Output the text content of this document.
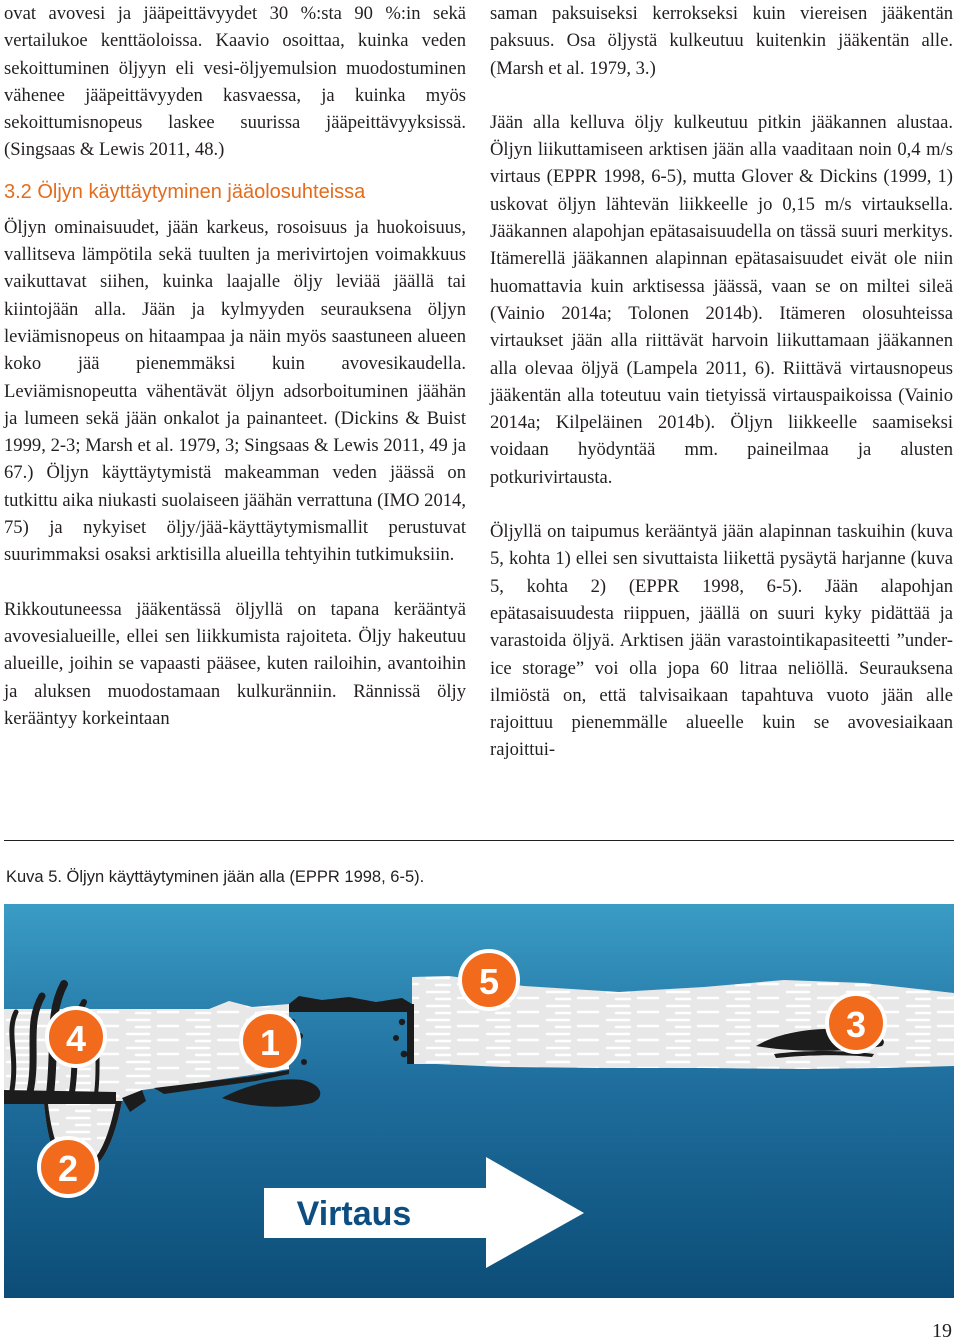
ovat avovesi ja jääpeittävyydet 30 %:sta 90 %:in sekä vertailukoe kenttäoloissa. Kaavio osoittaa, kuinka veden sekoittuminen öljyyn eli vesi-öljyemulsion muodostuminen vähenee jääpeittävyyden kasvaessa, ja kuinka myös sekoittumisnopeus laskee suurissa jääpeittävyyksissä. (Singsaas & Lewis 2011, 48.)

3.2 Öljyn käyttäytyminen jääolosuhteissa

Öljyn ominaisuudet, jään karkeus, rosoisuus ja huokoisuus, vallitseva lämpötila sekä tuulten ja merivirtojen voimakkuus vaikuttavat siihen, kuinka laajalle öljy leviää jäällä tai kiintojään alla. Jään ja kylmyyden seurauksena öljyn leviämisnopeus on hitaampaa ja näin myös saastuneen alueen koko jää pienemmäksi kuin avovesikaudella. Leviämisnopeutta vähentävät öljyn adsorboituminen jäähän ja lumeen sekä jään onkalot ja painanteet. (Dickins & Buist 1999, 2-3; Marsh et al. 1979, 3; Singsaas & Lewis 2011, 49 ja 67.) Öljyn käyttäytymistä makeamman veden jäässä on tutkittu aika niukasti suolaiseen jäähän verrattuna (IMO 2014, 75) ja nykyiset öljy/jää-käyttäytymismallit perustuvat suurimmaksi osaksi arktisilla alueilla tehtyihin tutkimuksiin.

Rikkoutuneessa jääkentässä öljyllä on tapana kerääntyä avovesialueille, ellei sen liikkumista rajoiteta. Öljy hakeutuu alueille, joihin se vapaasti pääsee, kuten railoihin, avantoihin ja aluksen muodostamaan kulkuränniin. Rännissä öljy kerääntyy korkeintaan

saman paksuiseksi kerrokseksi kuin viereisen jääkentän paksuus. Osa öljystä kulkeutuu kuitenkin jääkentän alle. (Marsh et al. 1979, 3.)

Jään alla kelluva öljy kulkeutuu pitkin jääkannen alustaa. Öljyn liikuttamiseen arktisen jään alla vaaditaan noin 0,4 m/s virtaus (EPPR 1998, 6-5), mutta Glover & Dickins (1999, 1) uskovat öljyn lähtevän liikkeelle jo 0,15 m/s virtauksella. Jääkannen alapohjan epätasaisuudella on tässä suuri merkitys. Itämerellä jääkannen alapinnan epätasaisuudet eivät ole niin huomattavia kuin arktisessa jäässä, vaan se on miltei sileä (Vainio 2014a; Tolonen 2014b). Itämeren olosuhteissa virtaukset jään alla riittävät harvoin liikuttamaan jääkannen alla olevaa öljyä (Lampela 2011, 6). Riittävä virtausnopeus jääkentän alla toteutuu vain tietyissä virtauspaikoissa (Vainio 2014a; Kilpeläinen 2014b). Öljyn liikkeelle saamiseksi voidaan hyödyntää mm. paineilmaa ja alusten potkurivirtausta.

Öljyllä on taipumus kerääntyä jään alapinnan taskuihin (kuva 5, kohta 1) ellei sen sivuttaista liikettä pysäytä harjanne (kuva 5, kohta 2) (EPPR 1998, 6-5). Jään alapohjan epätasaisuudesta riippuen, jäällä on suuri kyky pidättää ja varastoida öljyä. Arktisen jään varastointikapasiteetti ”under-ice storage” voi olla jopa 60 litraa neliöllä. Seurauksena ilmiöstä on, että talvisaikaan tapahtuva vuoto jään alle rajoittuu pienemmälle alueelle kuin se avovesiaikaan rajoittui-

Kuva 5. Öljyn käyttäytyminen jään alla (EPPR 1998, 6-5).
Virtaus
4	1
5
3
2
19
